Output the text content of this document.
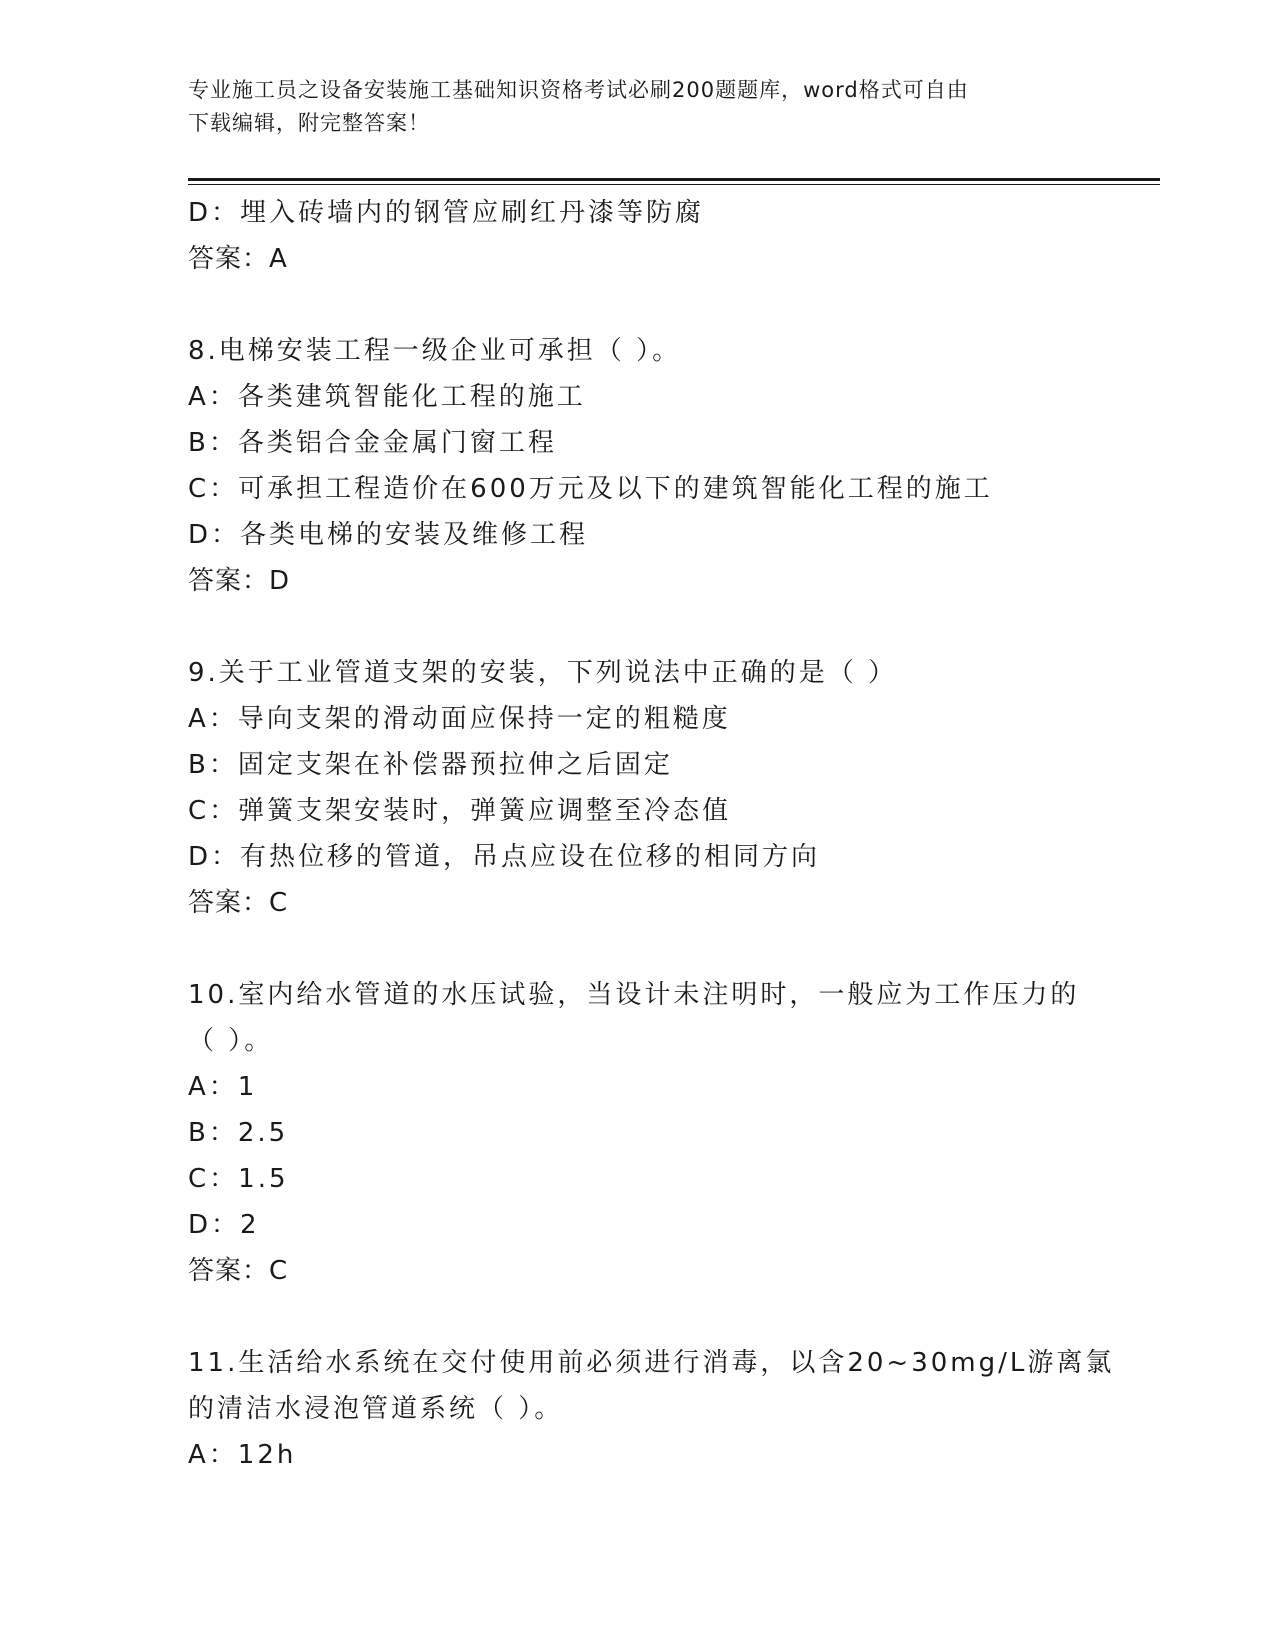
专业施工员之设备安装施工基础知识资格考试必刷200题题库，word格式可自由
下载编辑，附完整答案！
D：埋入砖墙内的钢管应刷红丹漆等防腐
答案：A
8.电梯安装工程一级企业可承担（ ）。
A：各类建筑智能化工程的施工
B：各类铝合金金属门窗工程
C：可承担工程造价在600万元及以下的建筑智能化工程的施工
D：各类电梯的安装及维修工程
答案：D
9.关于工业管道支架的安装，下列说法中正确的是（ ）
A：导向支架的滑动面应保持一定的粗糙度
B：固定支架在补偿器预拉伸之后固定
C：弹簧支架安装时，弹簧应调整至冷态值
D：有热位移的管道，吊点应设在位移的相同方向
答案：C
10.室内给水管道的水压试验，当设计未注明时，一般应为工作压力的
（ ）。
A：1
B：2.5
C：1.5
D：2
答案：C
11.生活给水系统在交付使用前必须进行消毒，以含20~30mg/L游离氯
的清洁水浸泡管道系统（ ）。
A：12h
